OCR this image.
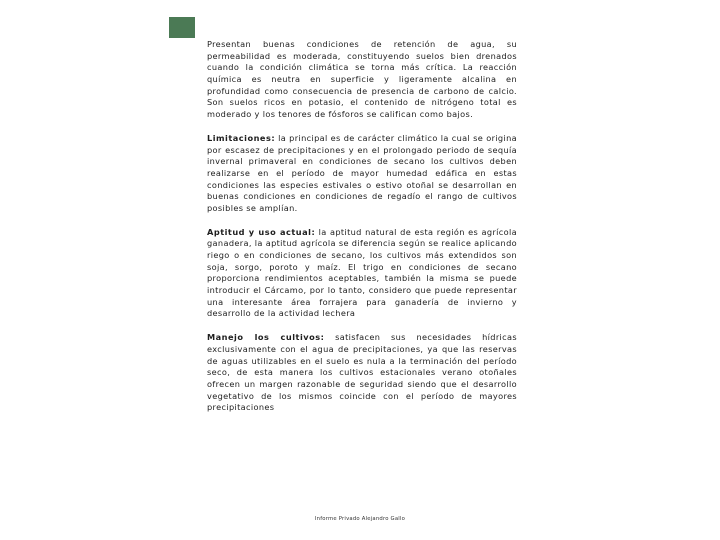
Presentan buenas condiciones de retención de agua, su permeabilidad es moderada, constituyendo suelos bien drenados cuando la condición climática se torna más crítica. La reacción química es neutra en superficie y ligeramente alcalina en profundidad como consecuencia de presencia de carbono de calcio. Son suelos ricos en potasio, el contenido de nitrógeno total es moderado y los tenores de fósforos se califican como bajos.

Limitaciones: la principal es de carácter climático la cual se origina por escasez de precipitaciones y en el prolongado periodo de sequía invernal primaveral en condiciones de secano los cultivos deben realizarse en el período de mayor humedad edáfica en estas condiciones las especies estivales o estivo otoñal se desarrollan en buenas condiciones en condiciones de regadío el rango de cultivos posibles se amplían.

Aptitud y uso actual: la aptitud natural de esta región es agrícola ganadera, la aptitud agrícola se diferencia según se realice aplicando riego o en condiciones de secano, los cultivos más extendidos son soja, sorgo, poroto y maíz. El trigo en condiciones de secano proporciona rendimientos aceptables, también la misma se puede introducir el Cárcamo, por lo tanto, considero que puede representar una interesante área forrajera para ganadería de invierno y desarrollo de la actividad lechera

Manejo los cultivos: satisfacen sus necesidades hídricas exclusivamente con el agua de precipitaciones, ya que las reservas de aguas utilizables en el suelo es nula a la terminación del período seco, de esta manera los cultivos estacionales verano otoñales ofrecen un margen razonable de seguridad siendo que el desarrollo vegetativo de los mismos coincide con el período de mayores precipitaciones

Informe Privado Alejandro Gallo
